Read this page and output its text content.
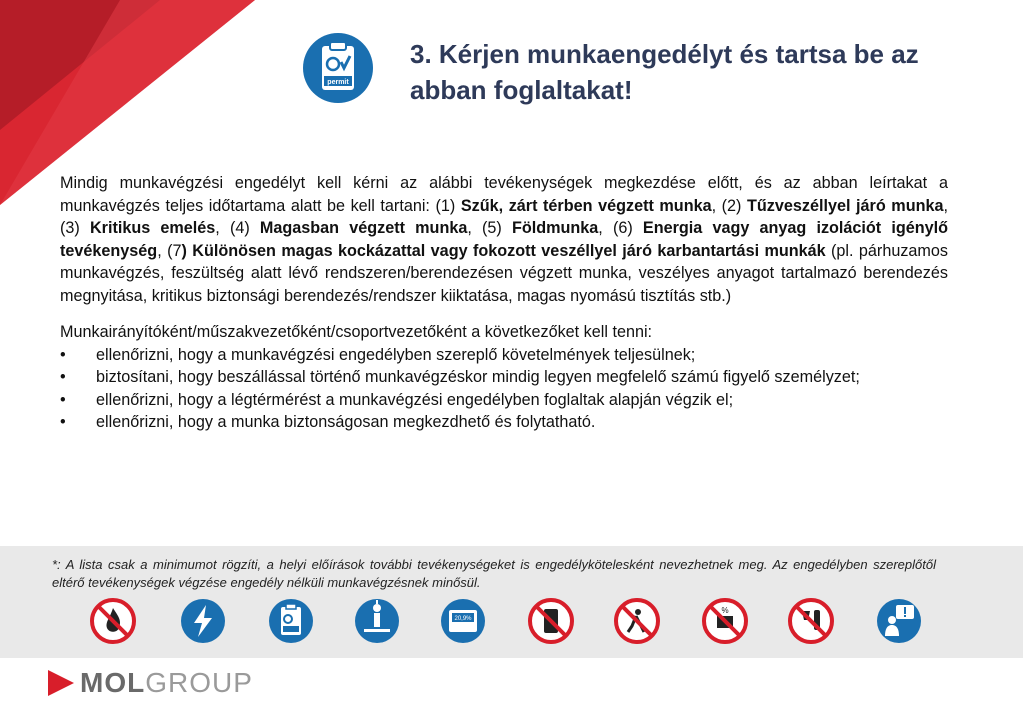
permit
3. Kérjen munkaengedélyt és tartsa be az abban foglaltakat!

Mindig munkavégzési engedélyt kell kérni az alábbi tevékenységek megkezdése előtt, és az abban leírtakat a munkavégzés teljes időtartama alatt be kell tartani: (1) Szűk, zárt térben végzett munka, (2) Tűzveszéllyel járó munka, (3) Kritikus emelés, (4) Magasban végzett munka, (5) Földmunka, (6) Energia vagy anyag izolációt igénylő tevékenység, (7) Különösen magas kockázattal vagy fokozott veszéllyel járó karbantartási munkák (pl. párhuzamos munkavégzés, feszültség alatt lévő rendszeren/berendezésen végzett munka, veszélyes anyagot tartalmazó berendezés megnyitása, kritikus biztonsági berendezés/rendszer kiiktatása, magas nyomású tisztítás stb.)

Munkairányítóként/műszakvezetőként/csoportvezetőként a következőket kell tenni:

• ellenőrizni, hogy a munkavégzési engedélyben szereplő követelmények teljesülnek;
• biztosítani, hogy beszállással történő munkavégzéskor mindig legyen megfelelő számú figyelő személyzet;
• ellenőrizni, hogy a légtérmérést a munkavégzési engedélyben foglaltak alapján végzik el;
• ellenőrizni, hogy a munka biztonságosan megkezdhető és folytatható.
*: A lista csak a minimumot rögzíti, a helyi előírások további tevékenységeket is engedélykötelesként nevezhetnek meg. Az engedélyben szereplőtől eltérő tevékenységek végzése engedély nélküli munkavégzésnek minősül.
20,9%
%
MOL GROUP
